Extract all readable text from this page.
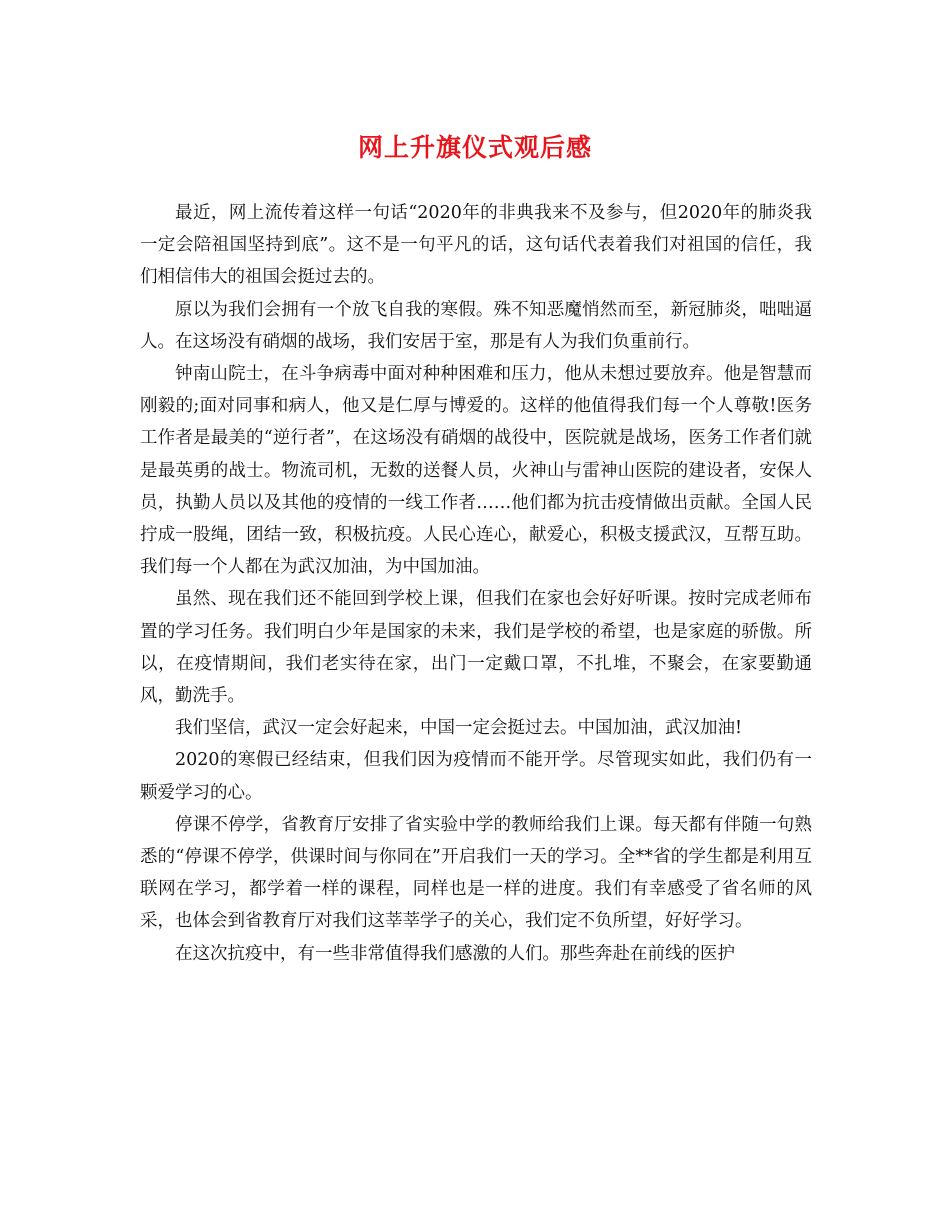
网上升旗仪式观后感

最近，网上流传着这样一句话“2020年的非典我来不及参与，但2020年的肺炎我一定会陪祖国坚持到底”。这不是一句平凡的话，这句话代表着我们对祖国的信任，我们相信伟大的祖国会挺过去的。

原以为我们会拥有一个放飞自我的寒假。殊不知恶魔悄然而至，新冠肺炎，咄咄逼人。在这场没有硝烟的战场，我们安居于室，那是有人为我们负重前行。

钟南山院士，在斗争病毒中面对种种困难和压力，他从未想过要放弃。他是智慧而刚毅的;面对同事和病人，他又是仁厚与博爱的。这样的他值得我们每一个人尊敬!医务工作者是最美的“逆行者”，在这场没有硝烟的战役中，医院就是战场，医务工作者们就是最英勇的战士。物流司机，无数的送餐人员，火神山与雷神山医院的建设者，安保人员，执勤人员以及其他的疫情的一线工作者……他们都为抗击疫情做出贡献。全国人民拧成一股绳，团结一致，积极抗疫。人民心连心，献爱心，积极支援武汉，互帮互助。我们每一个人都在为武汉加油，为中国加油。

虽然、现在我们还不能回到学校上课，但我们在家也会好好听课。按时完成老师布置的学习任务。我们明白少年是国家的未来，我们是学校的希望，也是家庭的骄傲。所以，在疫情期间，我们老实待在家，出门一定戴口罩，不扎堆，不聚会，在家要勤通风，勤洗手。

我们坚信，武汉一定会好起来，中国一定会挺过去。中国加油，武汉加油!

2020的寒假已经结束，但我们因为疫情而不能开学。尽管现实如此，我们仍有一颗爱学习的心。

停课不停学，省教育厅安排了省实验中学的教师给我们上课。每天都有伴随一句熟悉的“停课不停学，供课时间与你同在”开启我们一天的学习。全**省的学生都是利用互联网在学习，都学着一样的课程，同样也是一样的进度。我们有幸感受了省名师的风采，也体会到省教育厅对我们这莘莘学子的关心，我们定不负所望，好好学习。

在这次抗疫中，有一些非常值得我们感激的人们。那些奔赴在前线的医护
